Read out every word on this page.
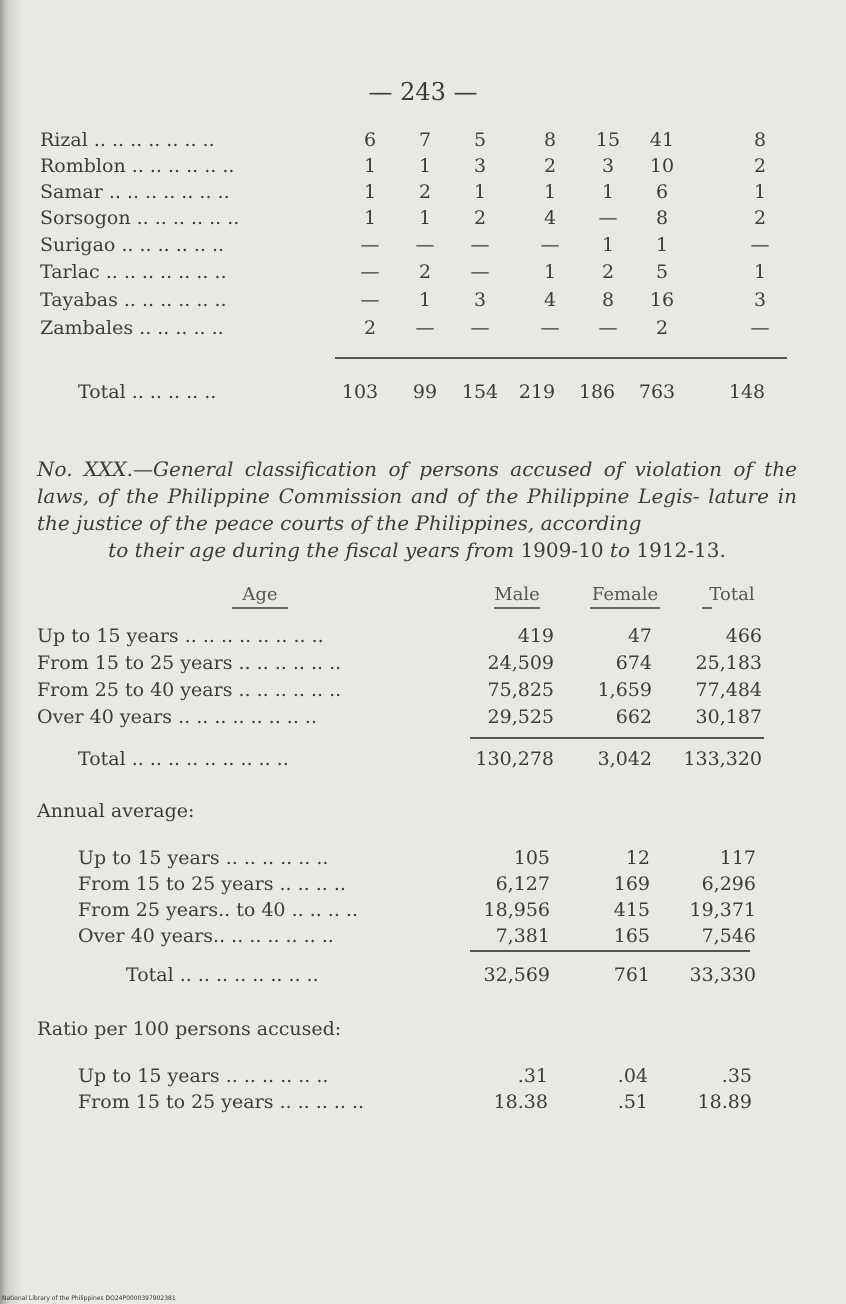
— 243 —
Rizal .. .. .. .. .. .. ..	6	7	5	8	15	41	8
Romblon .. .. .. .. .. ..	1	1	3	2	3	10	2
Samar .. .. .. .. .. .. ..	1	2	1	1	1	6	1
Sorsogon .. .. .. .. .. ..	1	1	2	4	—	8	2
Surigao .. .. .. .. .. ..	—	—	—	—	1	1	—
Tarlac .. .. .. .. .. .. ..	—	2	—	1	2	5	1
Tayabas .. .. .. .. .. ..	—	1	3	4	8	16	3
Zambales .. .. .. .. ..	2	—	—	—	—	2	—
Total .. .. .. .. ..	103	99	154	219	186	763	148
No. XXX.—General classification of persons accused of violation of the laws, of the Philippine Commission and of the Philippine Legis- lature in the justice of the peace courts of the Philippines, according
to their age during the fiscal years from 1909-10 to 1912-13.
Age	Male	Female	Total
Up to 15 years .. .. .. .. .. .. .. ..	419	47	466
From 15 to 25 years .. .. .. .. .. ..	24,509	674 25,183
From 25 to 40 years .. .. .. .. .. ..	75,825 1,659 77,484
Over 40 years .. .. .. .. .. .. .. ..	29,525	662 30,187
Total .. .. .. .. .. .. .. .. ..	130,278 3,042 133,320
Annual average:
Up to 15 years .. .. .. .. .. ..	105	12	117
From 15 to 25 years .. .. .. ..	6,127	169	6,296
From 25 years.. to 40 .. .. .. ..	18,956	415 19,371
Over 40 years.. .. .. .. .. .. ..	7,381	165	7,546
Total .. .. .. .. .. .. .. ..	32,569	761 33,330
Ratio per 100 persons accused:
Up to 15 years .. .. .. .. .. ..	.31	.04	.35
From 15 to 25 years .. .. .. .. ..	18.38	.51	18.89
National Library of the Philippines DO24P0000397902381
